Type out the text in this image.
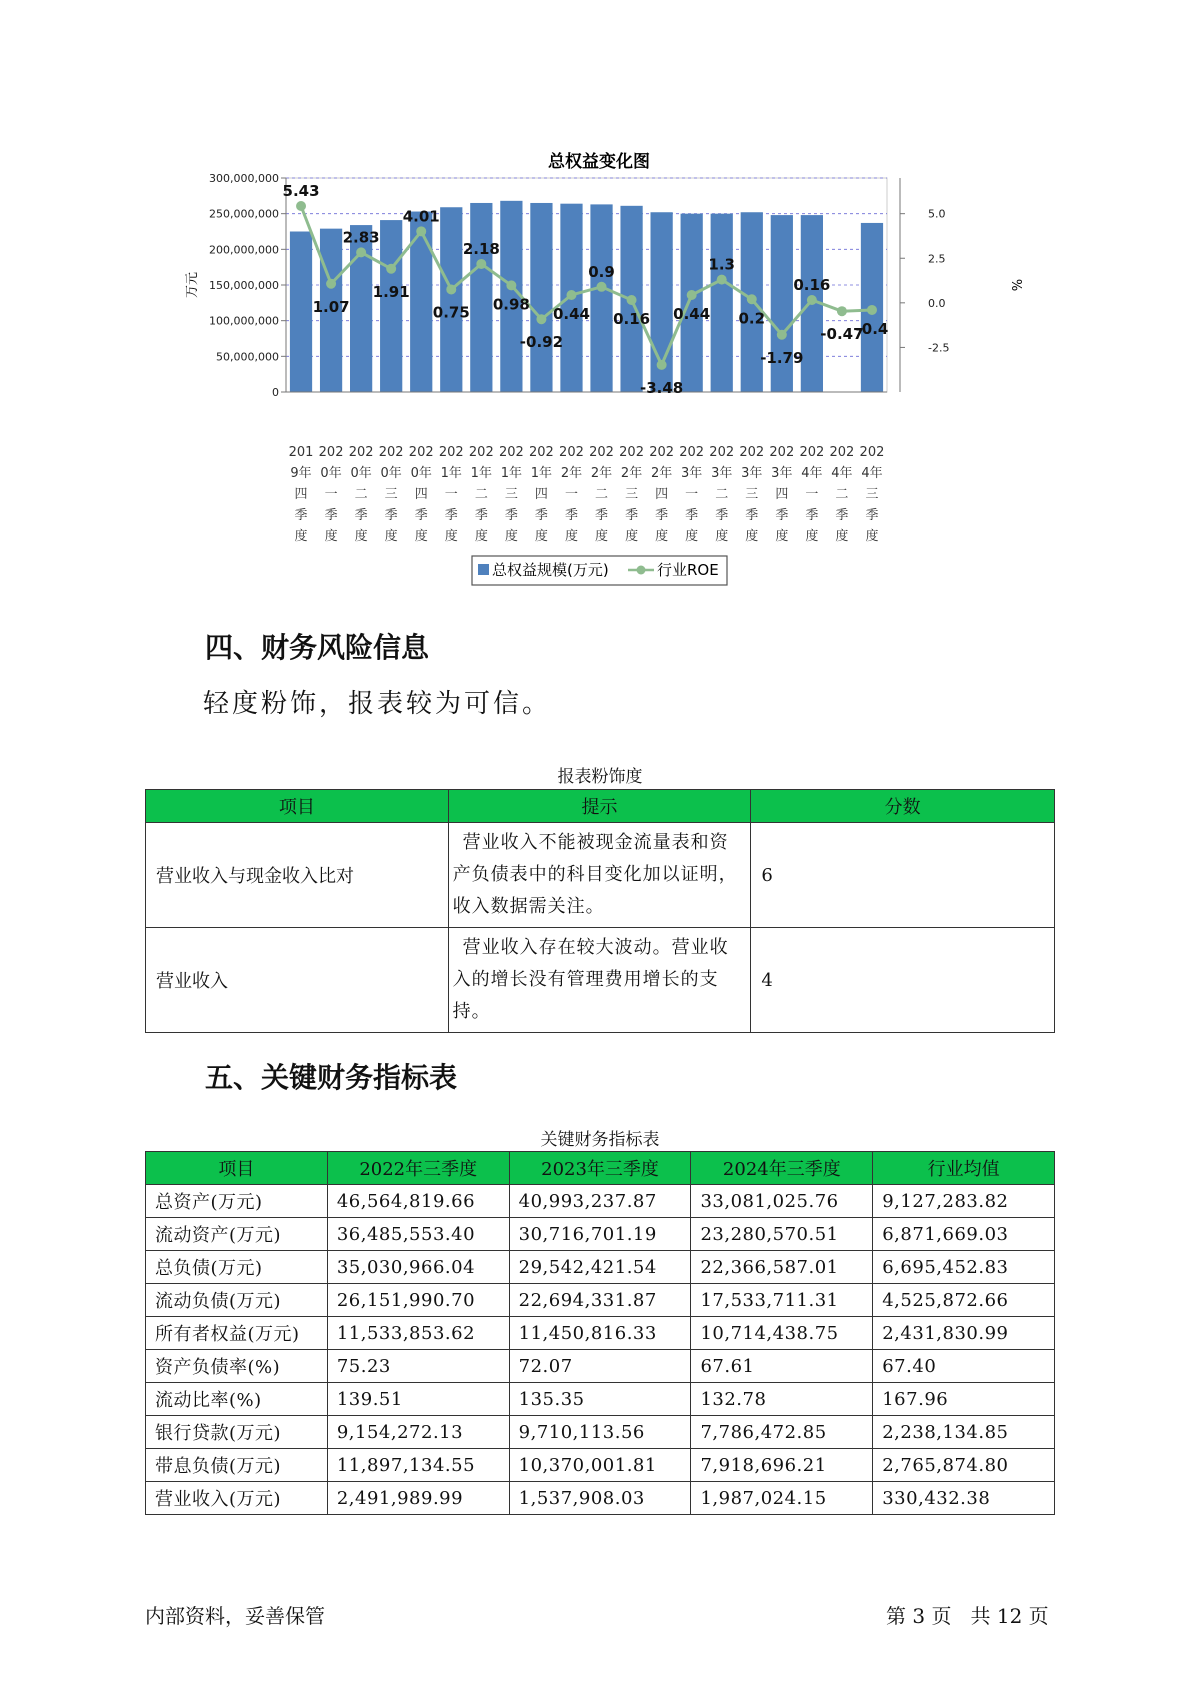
总权益变化图
0
50,000,000
100,000,000
150,000,000
200,000,000
250,000,000
300,000,000
-2.5
0.0
2.5
5.0
万元	%
5.43
1.07
2.83
1.91
4.01
0.75
2.18
0.98
-0.92
0.44
0.9
0.16
-3.48
0.44
1.3
0.2
-1.79
0.16
-0.47
-0.4
201
9年
四
季
度
202
0年
一
季
度
202
0年
二
季
度
202
0年
三
季
度
202
0年
四
季
度
202
1年
一
季
度
202
1年
二
季
度
202
1年
三
季
度
202
1年
四
季
度
202
2年
一
季
度
202
2年
二
季
度
202
2年
三
季
度
202
2年
四
季
度
202
3年
一
季
度
202
3年
二
季
度
202
3年
三
季
度
202
3年
四
季
度
202
4年
一
季
度
202
4年
二
季
度
202
4年
三
季
度
总权益规模(万元)	行业ROE
四、财务风险信息

轻度粉饰，报表较为可信。

报表粉饰度
项目	提示	分数
营业收入与现金收入比对	营业收入不能被现金流量表和资产负债表中的科目变化加以证明，收入数据需关注。	6
营业收入	营业收入存在较大波动。营业收入的增长没有管理费用增长的支持。	4
五、关键财务指标表
关键财务指标表
项目	2022年三季度	2023年三季度	2024年三季度	行业均值
总资产(万元)	46,564,819.66	40,993,237.87	33,081,025.76	9,127,283.82
流动资产(万元)	36,485,553.40	30,716,701.19	23,280,570.51	6,871,669.03
总负债(万元)	35,030,966.04	29,542,421.54	22,366,587.01	6,695,452.83
流动负债(万元)	26,151,990.70	22,694,331.87	17,533,711.31	4,525,872.66
所有者权益(万元)	11,533,853.62	11,450,816.33	10,714,438.75	2,431,830.99
资产负债率(%)	75.23	72.07	67.61	67.40
流动比率(%)	139.51	135.35	132.78	167.96
银行贷款(万元)	9,154,272.13	9,710,113.56	7,786,472.85	2,238,134.85
带息负债(万元)	11,897,134.55	10,370,001.81	7,918,696.21	2,765,874.80
营业收入(万元)	2,491,989.99	1,537,908.03	1,987,024.15	330,432.38
内部资料，妥善保管	第 3 页   共 12 页
